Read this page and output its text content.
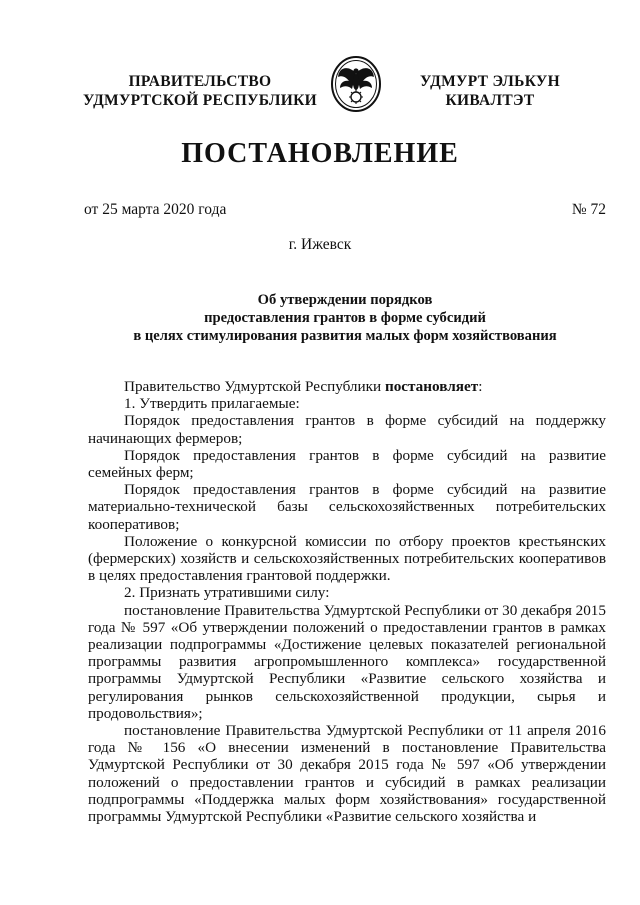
ПРАВИТЕЛЬСТВО
УДМУРТСКОЙ РЕСПУБЛИКИ
УДМУРТ ЭЛЬКУН
КИВАЛТЭТ
ПОСТАНОВЛЕНИЕ
от 25 марта 2020 года	№ 72
г. Ижевск
Об утверждении порядков
предоставления грантов в форме субсидий
в целях стимулирования развития малых форм хозяйствования

Правительство Удмуртской Республики постановляет:

1. Утвердить прилагаемые:

Порядок предоставления грантов в форме субсидий на поддержку начинающих фермеров;

Порядок предоставления грантов в форме субсидий на развитие семейных ферм;

Порядок предоставления грантов в форме субсидий на развитие материально-технической базы сельскохозяйственных потребительских кооперативов;

Положение о конкурсной комиссии по отбору проектов крестьянских (фермерских) хозяйств и сельскохозяйственных потребительских кооперативов в целях предоставления грантовой поддержки.

2. Признать утратившими силу:

постановление Правительства Удмуртской Республики от 30 декабря 2015 года № 597 «Об утверждении положений о предоставлении грантов в рамках реализации подпрограммы «Достижение целевых показателей региональной программы развития агропромышленного комплекса» государственной программы Удмуртской Республики «Развитие сельского хозяйства и регулирования рынков сельскохозяйственной продукции, сырья и продовольствия»;

постановление Правительства Удмуртской Республики от 11 апреля 2016 года № 156 «О внесении изменений в постановление Правительства Удмуртской Республики от 30 декабря 2015 года № 597 «Об утверждении положений о предоставлении грантов и субсидий в рамках реализации подпрограммы «Поддержка малых форм хозяйствования» государственной программы Удмуртской Республики «Развитие сельского хозяйства и
